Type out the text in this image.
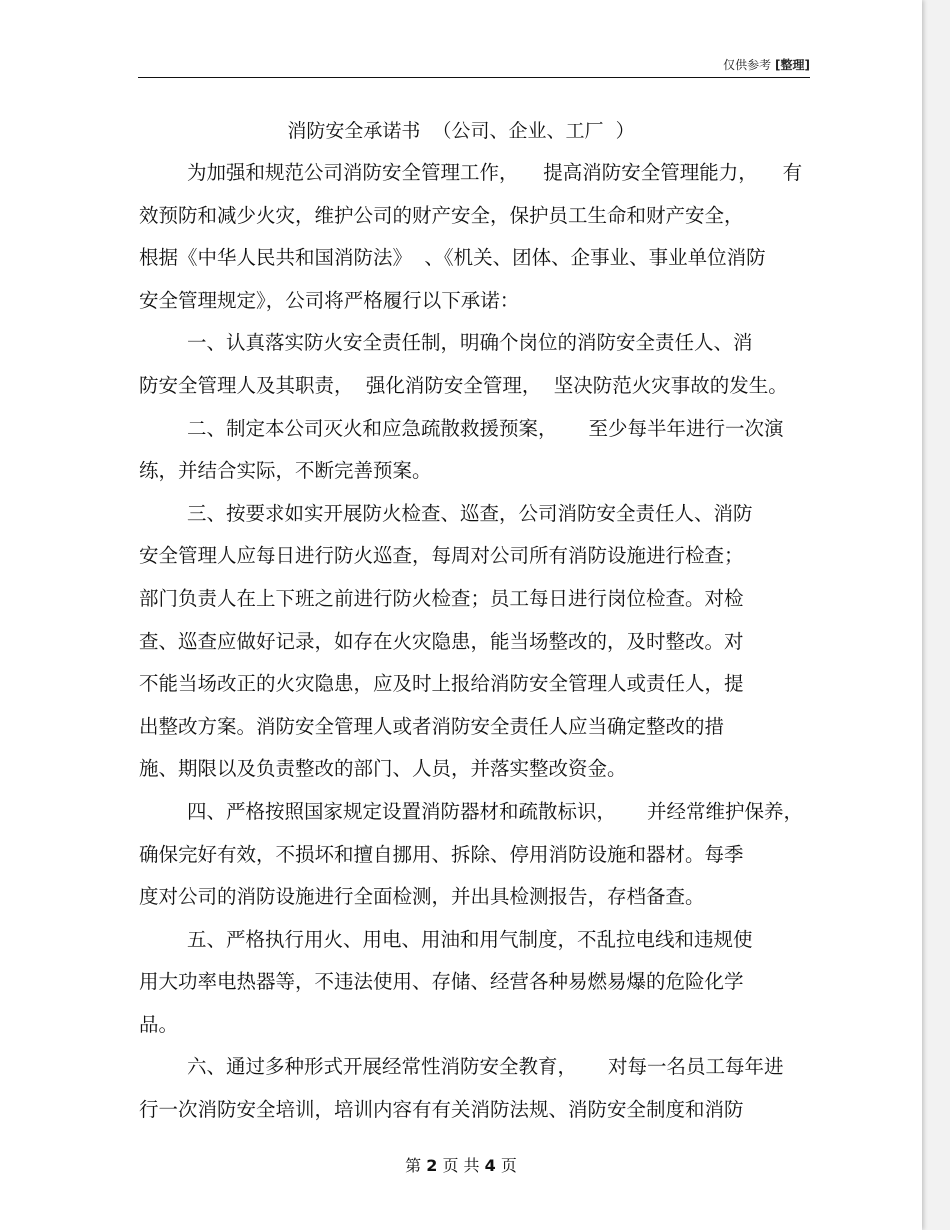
仅供参考 [整理]
消防安全承诺书  （公司、企业、工厂  ）
为加强和规范公司消防安全管理工作，    提高消防安全管理能力，    有
效预防和减少火灾，维护公司的财产安全，保护员工生命和财产安全，
根据《中华人民共和国消防法》  、《机关、团体、企事业、事业单位消防
安全管理规定》，公司将严格履行以下承诺：
一、认真落实防火安全责任制，明确个岗位的消防安全责任人、消
防安全管理人及其职责，  强化消防安全管理，  坚决防范火灾事故的发生。
二、制定本公司灭火和应急疏散救援预案，     至少每半年进行一次演
练，并结合实际，不断完善预案。
三、按要求如实开展防火检查、巡查，公司消防安全责任人、消防
安全管理人应每日进行防火巡查，每周对公司所有消防设施进行检查；
部门负责人在上下班之前进行防火检查；员工每日进行岗位检查。对检
查、巡查应做好记录，如存在火灾隐患，能当场整改的，及时整改。对
不能当场改正的火灾隐患，应及时上报给消防安全管理人或责任人，提
出整改方案。消防安全管理人或者消防安全责任人应当确定整改的措
施、期限以及负责整改的部门、人员，并落实整改资金。
四、严格按照国家规定设置消防器材和疏散标识，     并经常维护保养，
确保完好有效，不损坏和擅自挪用、拆除、停用消防设施和器材。每季
度对公司的消防设施进行全面检测，并出具检测报告，存档备查。
五、严格执行用火、用电、用油和用气制度，不乱拉电线和违规使
用大功率电热器等，不违法使用、存储、经营各种易燃易爆的危险化学
品。
六、通过多种形式开展经常性消防安全教育，     对每一名员工每年进
行一次消防安全培训，培训内容有有关消防法规、消防安全制度和消防
第 2 页 共 4 页
